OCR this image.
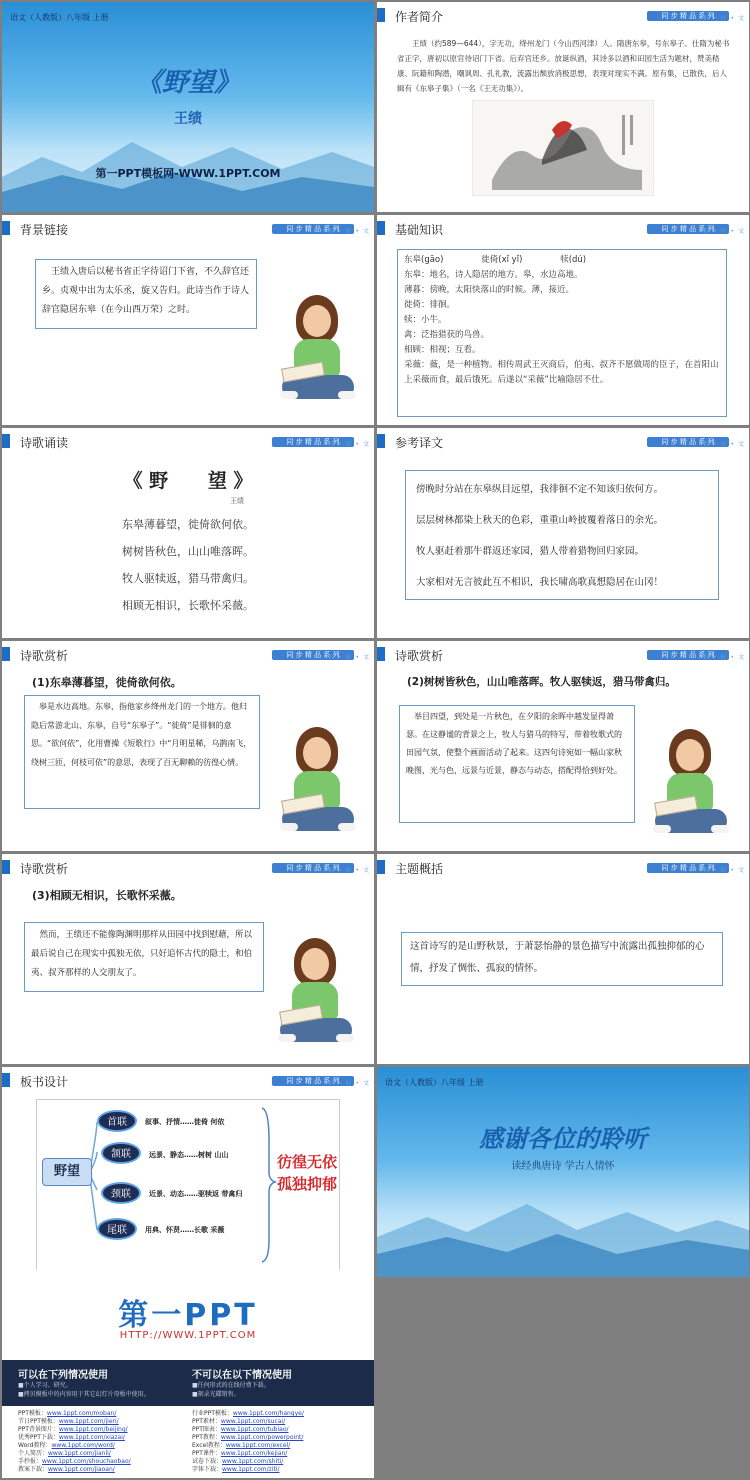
语文（人教版）八年级 上册
《野望》
王绩
第一PPT模板网-WWW.1PPT.COM
作者简介	同 步 精 品 系 列
好 • 好 • 文
王绩（约589—644），字无功，绛州龙门（今山西河津）人。隋唐东皋，号东皋子。仕隋为秘书省正字，唐初以原官待诏门下省。后弃官还乡。放诞纵酒，其诗多以酒和田园生活为题材，赞美嵇康、阮籍和陶潜，嘲讽周、孔礼教，流露出颓放消极思想，表现对现实不满。原有集，已散佚，后人辑有《东皋子集》（一名《王无功集》）。
背景链接	同 步 精 品 系 列
好 • 好 • 文
王绩入唐后以秘书省正字待诏门下省，不久辞官还乡。贞观中出为太乐丞，旋又告归。此诗当作于诗人辞官隐居东皋（在今山西万荣）之时。
基础知识	同 步 精 品 系 列
好 • 好 • 文
东皋(gāo)              徙倚(xǐ yǐ)              犊(dú)
东皋：地名，诗人隐居的地方。皋，水边高地。
薄暮：傍晚，太阳快落山的时候。薄，接近。
徙倚：徘徊。
犊：小牛。
禽：泛指猎获的鸟兽。
相顾：相视；互看。
采薇：薇，是一种植物。相传周武王灭商后，伯夷、叔齐不愿做周的臣子，在首阳山上采薇而食，最后饿死。后遂以“采薇”比喻隐居不仕。
诗歌诵读	同 步 精 品 系 列
好 • 好 • 文
《 野      望 》
王绩
东皋薄暮望，徙倚欲何依。
树树皆秋色，山山唯落晖。
牧人驱犊返，猎马带禽归。
相顾无相识，长歌怀采薇。
参考译文	同 步 精 品 系 列
好 • 好 • 文
傍晚时分站在东皋纵目远望，我徘徊不定不知该归依何方。
层层树林都染上秋天的色彩，重重山岭披覆着落日的余光。
牧人驱赶着那牛群返还家园，猎人带着猎物回归家园。
大家相对无言彼此互不相识，我长啸高歌真想隐居在山冈！
诗歌赏析	同 步 精 品 系 列
好 • 好 • 文
(1)东皋薄暮望，徙倚欲何依。
皋是水边高地。东皋，指他家乡绛州龙门的一个地方。他归隐后常游北山、东皋，自号“东皋子”。“徙倚”是徘徊的意思。“欲何依”，化用曹操《短歌行》中“月明星稀，乌鹊南飞，绕树三匝，何枝可依”的意思，表现了百无聊赖的彷徨心情。
诗歌赏析	同 步 精 品 系 列
好 • 好 • 文
(2)树树皆秋色，山山唯落晖。牧人驱犊返，猎马带禽归。
举目四望，到处是一片秋色，在夕阳的余晖中越发显得萧瑟。在这静谧的背景之上，牧人与猎马的特写，带着牧歌式的田园气氛，使整个画面活动了起来。这四句诗宛如一幅山家秋晚图，光与色，远景与近景，静态与动态，搭配得恰到好处。
诗歌赏析	同 步 精 品 系 列
好 • 好 • 文
(3)相顾无相识，长歌怀采薇。
然而，王绩还不能像陶渊明那样从田园中找到慰藉，所以最后说自己在现实中孤独无依，只好追怀古代的隐士，和伯夷、叔齐那样的人交朋友了。
主题概括	同 步 精 品 系 列
好 • 好 • 文
这首诗写的是山野秋景，于萧瑟怡静的景色描写中流露出孤独抑郁的心情，抒发了惆怅、孤寂的情怀。
板书设计	同 步 精 品 系 列
好 • 好 • 文
野望
首联	叙事、抒情……徙倚 何依
颔联	远景、静态……树树 山山
颈联	近景、动态……驱犊返 带禽归
尾联	用典、怀贤……长歌 采薇
彷徨无依
孤独抑郁
语文（人教版）八年级 上册
感谢各位的聆听
读经典唐诗 学古人情怀
第一PPT
HTTP://WWW.1PPT.COM
可以在下列情况使用
■个人学习、研究。
■拷贝模板中的内容用于其它幻灯片母板中使用。
不可以在以下情况使用
■任何形式的在线付费下载。
■刻录光碟销售。
PPT模板：www.1ppt.com/moban/
节日PPT模板：www.1ppt.com/jieri/
PPT背景图片：www.1ppt.com/beijing/
优秀PPT下载：www.1ppt.com/xiazai/
Word教程：www.1ppt.com/word/
个人简历：www.1ppt.com/jianli/
手抄报：www.1ppt.com/shouchaobao/
教案下载：www.1ppt.com/jiaoan/
行业PPT模板：www.1ppt.com/hangye/
PPT素材：www.1ppt.com/sucai/
PPT图表：www.1ppt.com/tubiao/
PPT教程：www.1ppt.com/powerpoint/
Excel教程：www.1ppt.com/excel/
PPT课件：www.1ppt.com/kejian/
试卷下载：www.1ppt.com/shiti/
字体下载：www.1ppt.com/ziti/
